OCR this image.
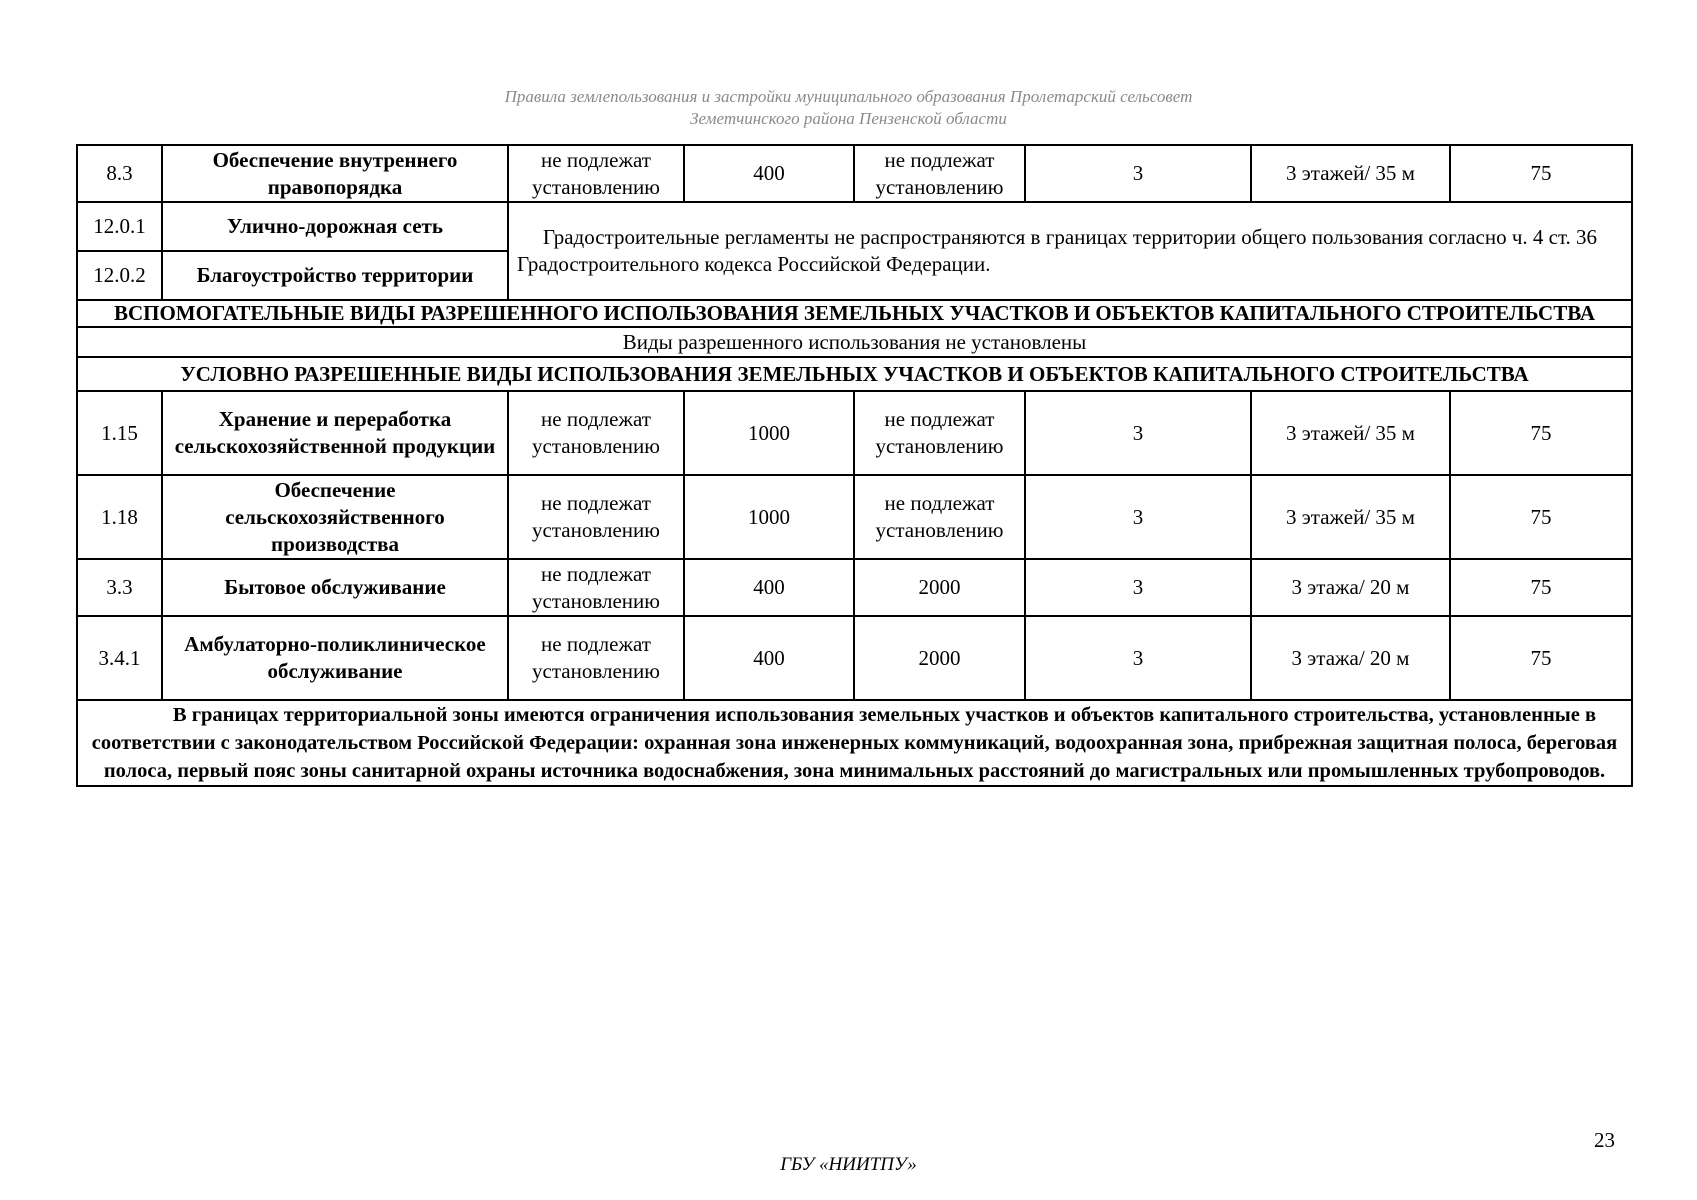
Правила землепользования и застройки муниципального образования Пролетарский сельсовет
Земетчинского района Пензенской области
8.3	Обеспечение внутреннего правопорядка	не подлежат установлению	400	не подлежат установлению	3	3 этажей/ 35 м	75
12.0.1	Улично-дорожная сеть	Градостроительные регламенты не распространяются в границах территории общего пользования согласно ч. 4 ст. 36 Градостроительного кодекса Российской Федерации.					
12.0.2	Благоустройство территории						
ВСПОМОГАТЕЛЬНЫЕ ВИДЫ РАЗРЕШЕННОГО ИСПОЛЬЗОВАНИЯ ЗЕМЕЛЬНЫХ УЧАСТКОВ И ОБЪЕКТОВ КАПИТАЛЬНОГО СТРОИТЕЛЬСТВА							
Виды разрешенного использования не установлены							
УСЛОВНО РАЗРЕШЕННЫЕ ВИДЫ ИСПОЛЬЗОВАНИЯ ЗЕМЕЛЬНЫХ УЧАСТКОВ И ОБЪЕКТОВ КАПИТАЛЬНОГО СТРОИТЕЛЬСТВА							
1.15	Хранение и переработка сельскохозяйственной продукции	не подлежат установлению	1000	не подлежат установлению	3	3 этажей/ 35 м	75
1.18	Обеспечение сельскохозяйственного производства	не подлежат установлению	1000	не подлежат установлению	3	3 этажей/ 35 м	75
3.3	Бытовое обслуживание	не подлежат установлению	400	2000	3	3 этажа/ 20 м	75
3.4.1	Амбулаторно-поликлиническое обслуживание	не подлежат установлению	400	2000	3	3 этажа/ 20 м	75
В границах территориальной зоны имеются ограничения использования земельных участков и объектов капитального строительства, установленные в соответствии с законодательством Российской Федерации: охранная зона инженерных коммуникаций, водоохранная зона, прибрежная защитная полоса, береговая полоса, первый пояс зоны санитарной охраны источника водоснабжения, зона минимальных расстояний до магистральных или промышленных трубопроводов.							
23
ГБУ «НИИТПУ»
